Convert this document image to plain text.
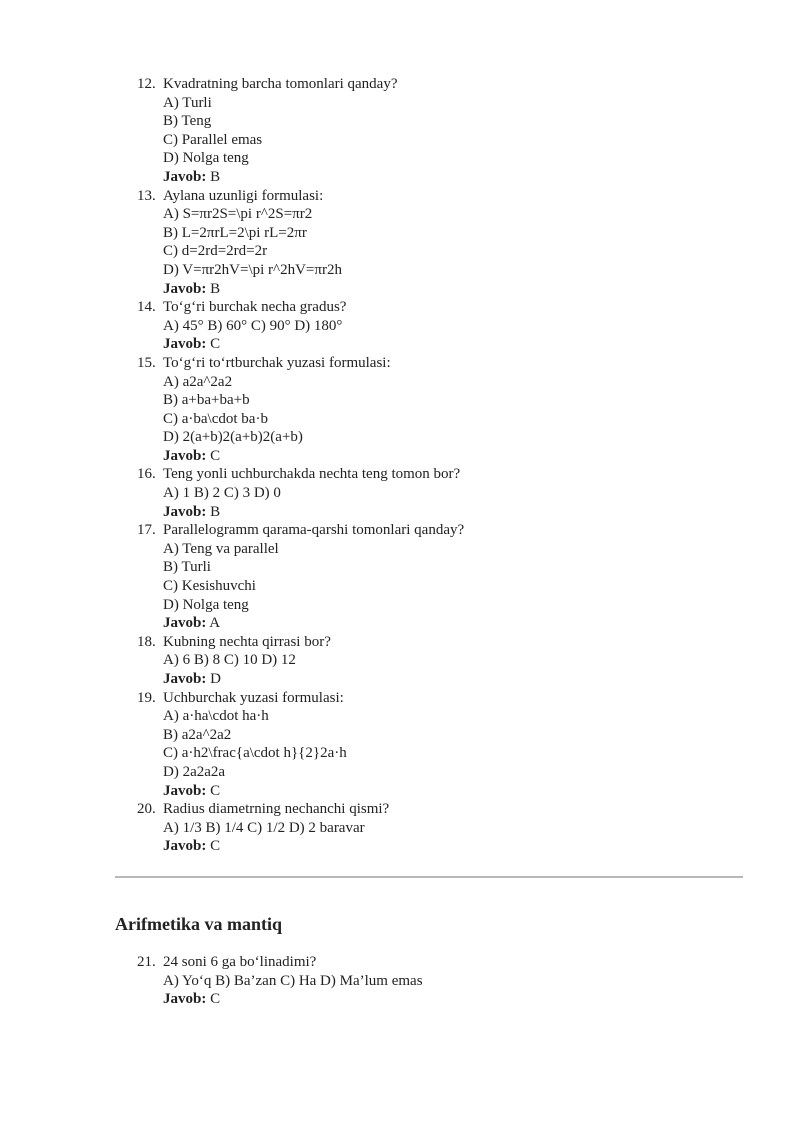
12. Kvadratning barcha tomonlari qanday?
A) Turli
B) Teng
C) Parallel emas
D) Nolga teng
Javob: B
13. Aylana uzunligi formulasi:
A) S=πr2S=\pi r^2S=πr2
B) L=2πrL=2\pi rL=2πr
C) d=2rd=2rd=2r
D) V=πr2hV=\pi r^2hV=πr2h
Javob: B
14. To‘g‘ri burchak necha gradus?
A) 45° B) 60° C) 90° D) 180°
Javob: C
15. To‘g‘ri to‘rtburchak yuzasi formulasi:
A) a2a^2a2
B) a+ba+ba+b
C) a·ba\cdot ba·b
D) 2(a+b)2(a+b)2(a+b)
Javob: C
16. Teng yonli uchburchakda nechta teng tomon bor?
A) 1 B) 2 C) 3 D) 0
Javob: B
17. Parallelogramm qarama-qarshi tomonlari qanday?
A) Teng va parallel
B) Turli
C) Kesishuvchi
D) Nolga teng
Javob: A
18. Kubning nechta qirrasi bor?
A) 6 B) 8 C) 10 D) 12
Javob: D
19. Uchburchak yuzasi formulasi:
A) a·ha\cdot ha·h
B) a2a^2a2
C) a·h2\frac{a\cdot h}{2}2a·h
D) 2a2a2a
Javob: C
20. Radius diametrning nechanchi qismi?
A) 1/3 B) 1/4 C) 1/2 D) 2 baravar
Javob: C
Arifmetika va mantiq
21. 24 soni 6 ga bo‘linadimi?
A) Yo‘q B) Ba’zan C) Ha D) Ma’lum emas
Javob: C
